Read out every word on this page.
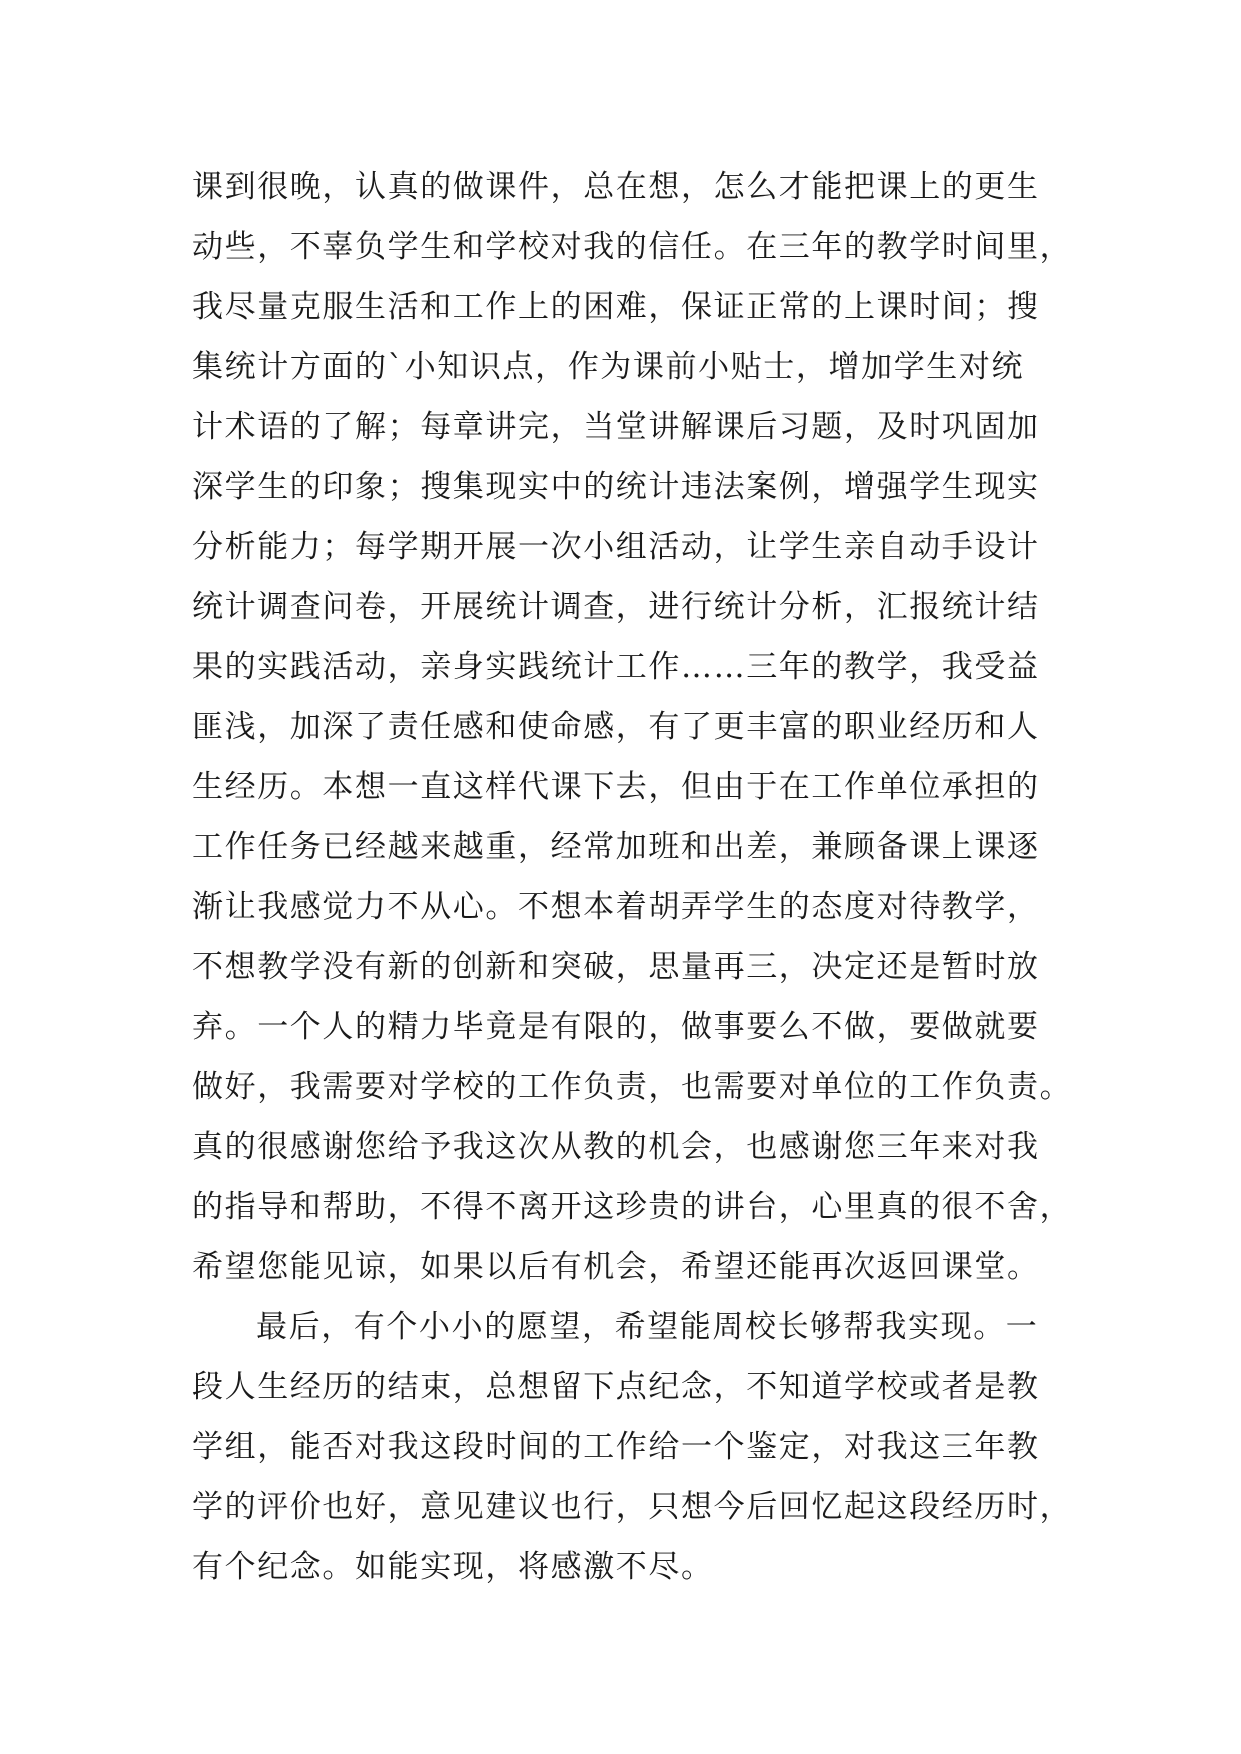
课到很晚，认真的做课件，总在想，怎么才能把课上的更生
动些，不辜负学生和学校对我的信任。在三年的教学时间里，
我尽量克服生活和工作上的困难，保证正常的上课时间；搜
集统计方面的`小知识点，作为课前小贴士，增加学生对统
计术语的了解；每章讲完，当堂讲解课后习题，及时巩固加
深学生的印象；搜集现实中的统计违法案例，增强学生现实
分析能力；每学期开展一次小组活动，让学生亲自动手设计
统计调查问卷，开展统计调查，进行统计分析，汇报统计结
果的实践活动，亲身实践统计工作……三年的教学，我受益
匪浅，加深了责任感和使命感，有了更丰富的职业经历和人
生经历。本想一直这样代课下去，但由于在工作单位承担的
工作任务已经越来越重，经常加班和出差，兼顾备课上课逐
渐让我感觉力不从心。不想本着胡弄学生的态度对待教学，
不想教学没有新的创新和突破，思量再三，决定还是暂时放
弃。一个人的精力毕竟是有限的，做事要么不做，要做就要
做好，我需要对学校的工作负责，也需要对单位的工作负责。
真的很感谢您给予我这次从教的机会，也感谢您三年来对我
的指导和帮助，不得不离开这珍贵的讲台，心里真的很不舍，
希望您能见谅，如果以后有机会，希望还能再次返回课堂。
最后，有个小小的愿望，希望能周校长够帮我实现。一
段人生经历的结束，总想留下点纪念，不知道学校或者是教
学组，能否对我这段时间的工作给一个鉴定，对我这三年教
学的评价也好，意见建议也行，只想今后回忆起这段经历时，
有个纪念。如能实现，将感激不尽。
